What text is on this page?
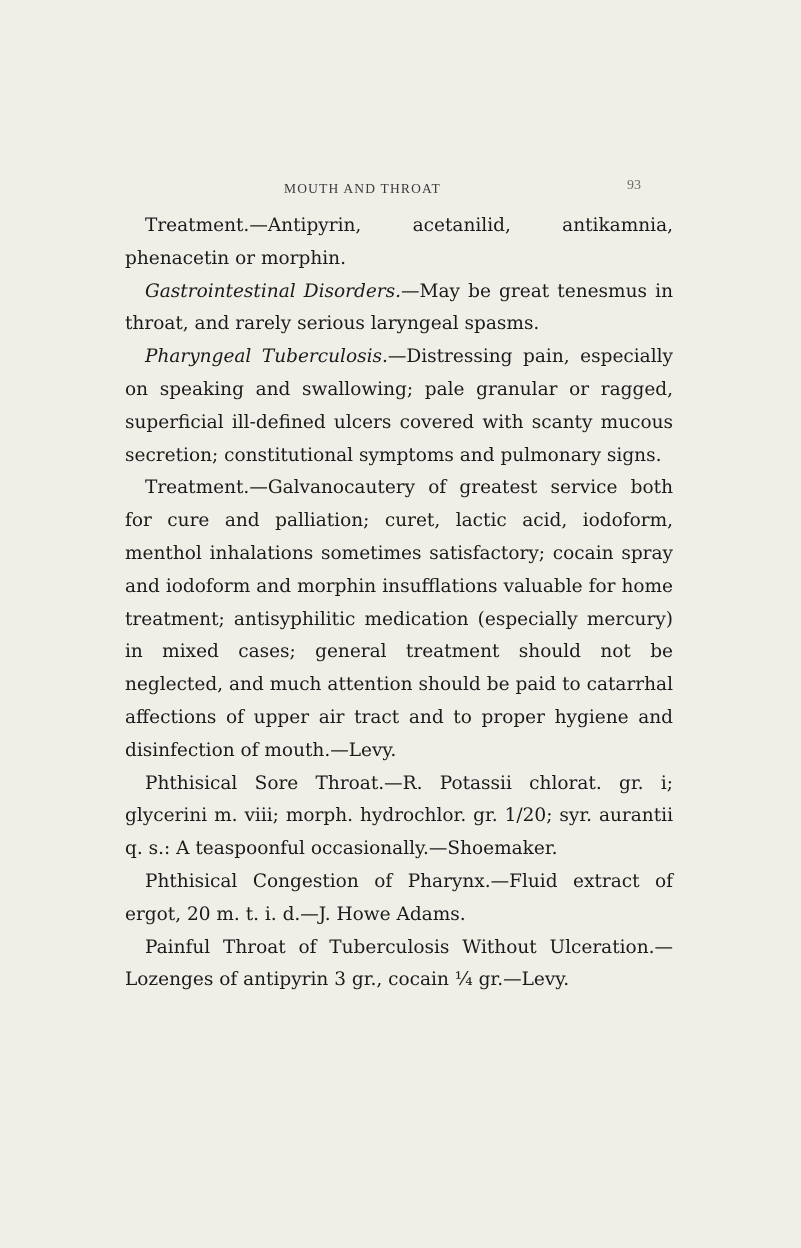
MOUTH AND THROAT	93

Treatment.—Antipyrin, acetanilid, antikamnia, phenacetin or morphin.

Gastrointestinal Disorders.—May be great tenesmus in throat, and rarely serious laryngeal spasms.

Pharyngeal Tuberculosis.—Distressing pain, especially on speaking and swallowing; pale granular or ragged, superficial ill-defined ulcers covered with scanty mucous secretion; constitutional symptoms and pulmonary signs.

Treatment.—Galvanocautery of greatest service both for cure and palliation; curet, lactic acid, iodoform, menthol inhalations sometimes satisfactory; cocain spray and iodoform and morphin insufflations valuable for home treatment; antisyphilitic medication (especially mercury) in mixed cases; general treatment should not be neglected, and much attention should be paid to catarrhal affections of upper air tract and to proper hygiene and disinfection of mouth.—Levy.

Phthisical Sore Throat.—R. Potassii chlorat. gr. i; glycerini m. viii; morph. hydrochlor. gr. 1/20; syr. aurantii q. s.: A teaspoonful occasionally.—Shoemaker.

Phthisical Congestion of Pharynx.—Fluid extract of ergot, 20 m. t. i. d.—J. Howe Adams.

Painful Throat of Tuberculosis Without Ulceration.—Lozenges of antipyrin 3 gr., cocain ¼ gr.—Levy.
